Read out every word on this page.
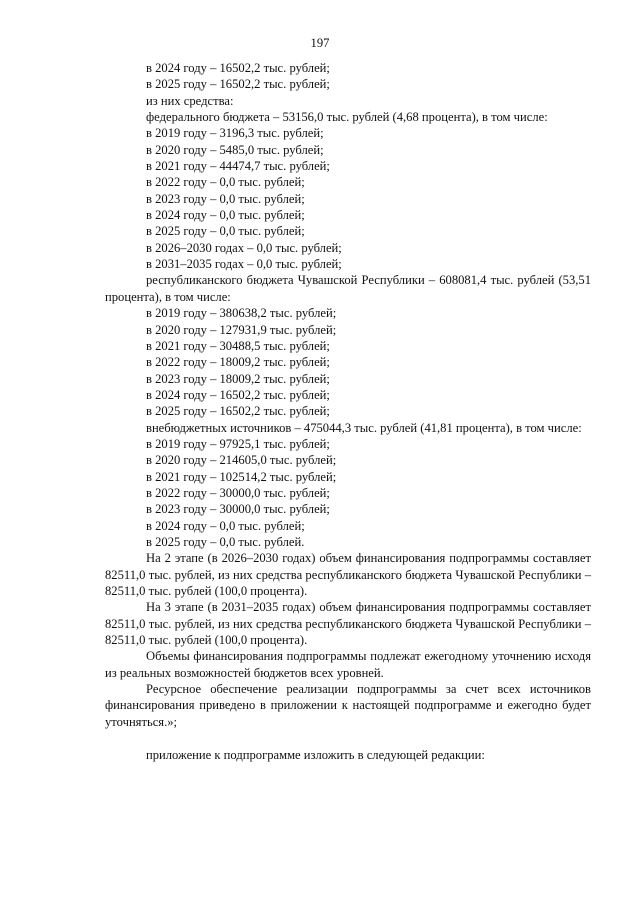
197
в 2024 году – 16502,2 тыс. рублей;
в 2025 году – 16502,2 тыс. рублей;
из них средства:
федерального бюджета – 53156,0 тыс. рублей (4,68 процента), в том числе:
в 2019 году – 3196,3 тыс. рублей;
в 2020 году – 5485,0 тыс. рублей;
в 2021 году – 44474,7 тыс. рублей;
в 2022 году – 0,0 тыс. рублей;
в 2023 году – 0,0 тыс. рублей;
в 2024 году – 0,0 тыс. рублей;
в 2025 году – 0,0 тыс. рублей;
в 2026–2030 годах – 0,0 тыс. рублей;
в 2031–2035 годах – 0,0 тыс. рублей;
республиканского бюджета Чувашской Республики – 608081,4 тыс. рублей (53,51 процента), в том числе:
в 2019 году – 380638,2 тыс. рублей;
в 2020 году – 127931,9 тыс. рублей;
в 2021 году – 30488,5 тыс. рублей;
в 2022 году – 18009,2 тыс. рублей;
в 2023 году – 18009,2 тыс. рублей;
в 2024 году – 16502,2 тыс. рублей;
в 2025 году – 16502,2 тыс. рублей;
внебюджетных источников – 475044,3 тыс. рублей (41,81 процента), в том числе:
в 2019 году – 97925,1 тыс. рублей;
в 2020 году – 214605,0 тыс. рублей;
в 2021 году – 102514,2 тыс. рублей;
в 2022 году – 30000,0 тыс. рублей;
в 2023 году – 30000,0 тыс. рублей;
в 2024 году – 0,0 тыс. рублей;
в 2025 году – 0,0 тыс. рублей.
На 2 этапе (в 2026–2030 годах) объем финансирования подпрограммы составляет 82511,0 тыс. рублей, из них средства республиканского бюджета Чувашской Республики – 82511,0 тыс. рублей (100,0 процента).
На 3 этапе (в 2031–2035 годах) объем финансирования подпрограммы составляет 82511,0 тыс. рублей, из них средства республиканского бюджета Чувашской Республики – 82511,0 тыс. рублей (100,0 процента).
Объемы финансирования подпрограммы подлежат ежегодному уточнению исходя из реальных возможностей бюджетов всех уровней.
Ресурсное обеспечение реализации подпрограммы за счет всех источников финансирования приведено в приложении к настоящей подпрограмме и ежегодно будет уточняться.»;
приложение к подпрограмме изложить в следующей редакции:
